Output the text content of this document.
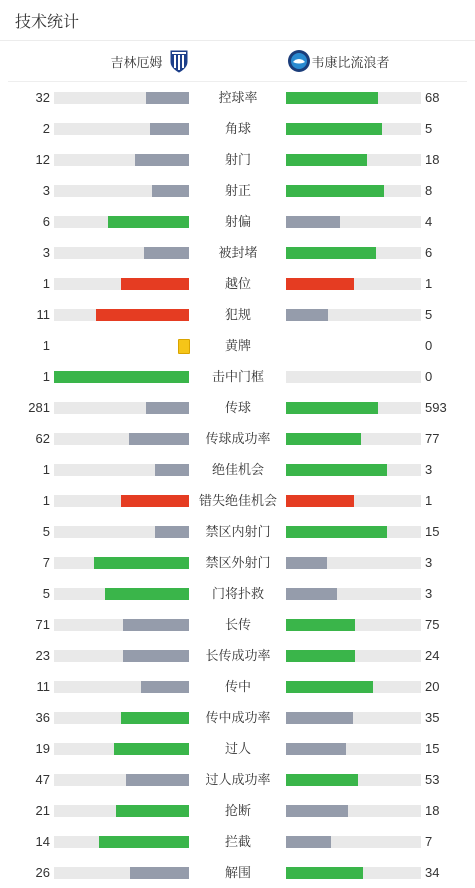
技术统计
吉林厄姆	韦康比流浪者
32	控球率	68
2	角球	5
12	射门	18
3	射正	8
6	射偏	4
3	被封堵	6
1	越位	1
11	犯规	5
1	黄牌	0
1	击中门框	0
281	传球	593
62	传球成功率	77
1	绝佳机会	3
1	错失绝佳机会	1
5	禁区内射门	15
7	禁区外射门	3
5	门将扑救	3
71	长传	75
23	长传成功率	24
11	传中	20
36	传中成功率	35
19	过人	15
47	过人成功率	53
21	抢断	18
14	拦截	7
26	解围	34
